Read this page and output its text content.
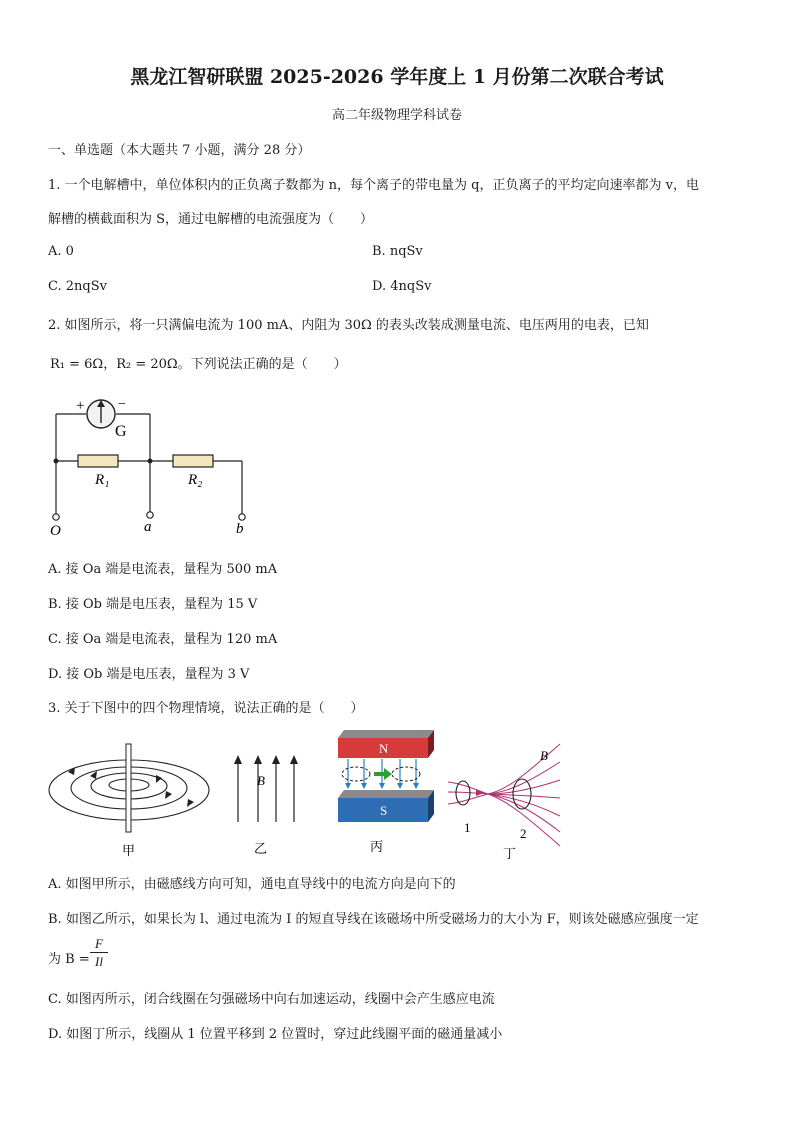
黑龙江智研联盟 2025-2026 学年度上 1 月份第二次联合考试
高二年级物理学科试卷
一、单选题（本大题共 7 小题，满分 28 分）
1. 一个电解槽中，单位体积内的正负离子数都为 n，每个离子的带电量为 q，正负离子的平均定向速率都为 v，电
解槽的横截面积为 S，通过电解槽的电流强度为（　　）
A. 0	B. nqSv
C. 2nqSv	D. 4nqSv
2. 如图所示，将一只满偏电流为 100 mA、内阻为 30Ω 的表头改装成测量电流、电压两用的电表，已知
R₁ = 6Ω，R₂ = 20Ω。下列说法正确的是（　　）
+ −
G
R₁	R₂
O	a	b
A. 接 Oa 端是电流表，量程为 500 mA
B. 接 Ob 端是电压表，量程为 15 V
C. 接 Oa 端是电流表，量程为 120 mA
D. 接 Ob 端是电压表，量程为 3 V
3. 关于下图中的四个物理情境，说法正确的是（　　）
甲
B
乙
N
S
丙
B
1	2
丁
A. 如图甲所示，由磁感线方向可知，通电直导线中的电流方向是向下的
B. 如图乙所示，如果长为 l、通过电流为 I 的短直导线在该磁场中所受磁场力的大小为 F，则该处磁感应强度一定
为 B =
F
Il
C. 如图丙所示，闭合线圈在匀强磁场中向右加速运动，线圈中会产生感应电流
D. 如图丁所示，线圈从 1 位置平移到 2 位置时，穿过此线圈平面的磁通量减小
